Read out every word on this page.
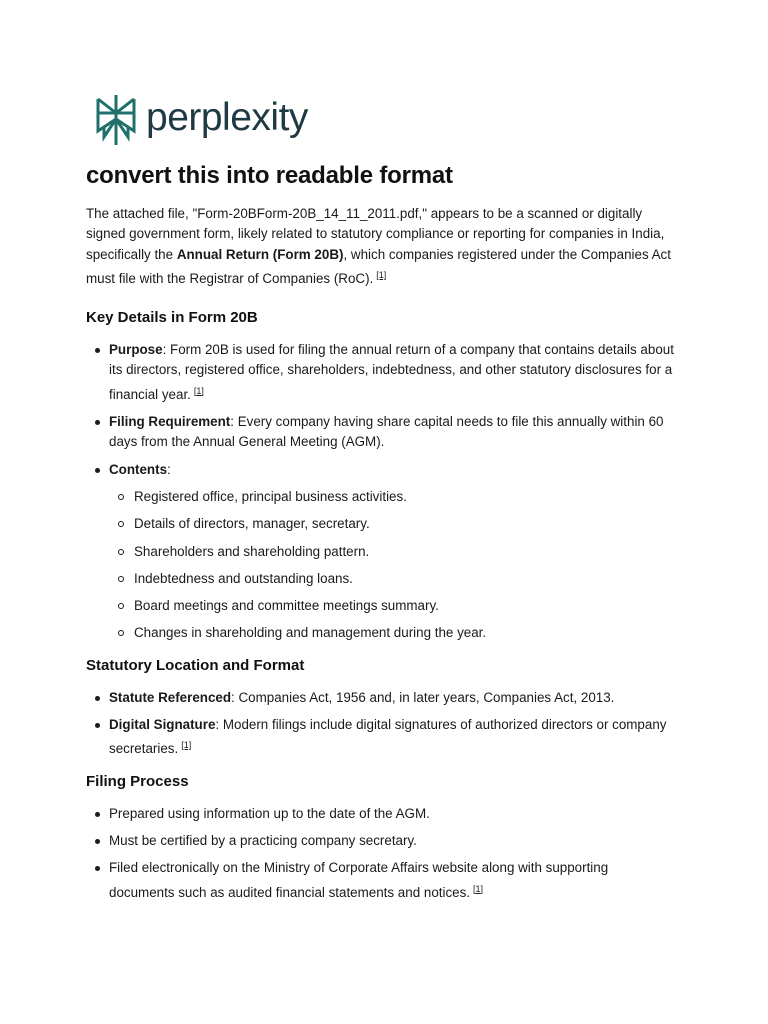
perplexity
convert this into readable format

The attached file, "Form-20BForm-20B_14_11_2011.pdf," appears to be a scanned or digitally signed government form, likely related to statutory compliance or reporting for companies in India, specifically the Annual Return (Form 20B), which companies registered under the Companies Act must file with the Registrar of Companies (RoC). [1]

Key Details in Form 20B
Purpose: Form 20B is used for filing the annual return of a company that contains details about its directors, registered office, shareholders, indebtedness, and other statutory disclosures for a financial year. [1]
Filing Requirement: Every company having share capital needs to file this annually within 60 days from the Annual General Meeting (AGM).
Contents:
Registered office, principal business activities.
Details of directors, manager, secretary.
Shareholders and shareholding pattern.
Indebtedness and outstanding loans.
Board meetings and committee meetings summary.
Changes in shareholding and management during the year.
Statutory Location and Format
Statute Referenced: Companies Act, 1956 and, in later years, Companies Act, 2013.
Digital Signature: Modern filings include digital signatures of authorized directors or company secretaries. [1]
Filing Process
Prepared using information up to the date of the AGM.
Must be certified by a practicing company secretary.
Filed electronically on the Ministry of Corporate Affairs website along with supporting documents such as audited financial statements and notices. [1]
